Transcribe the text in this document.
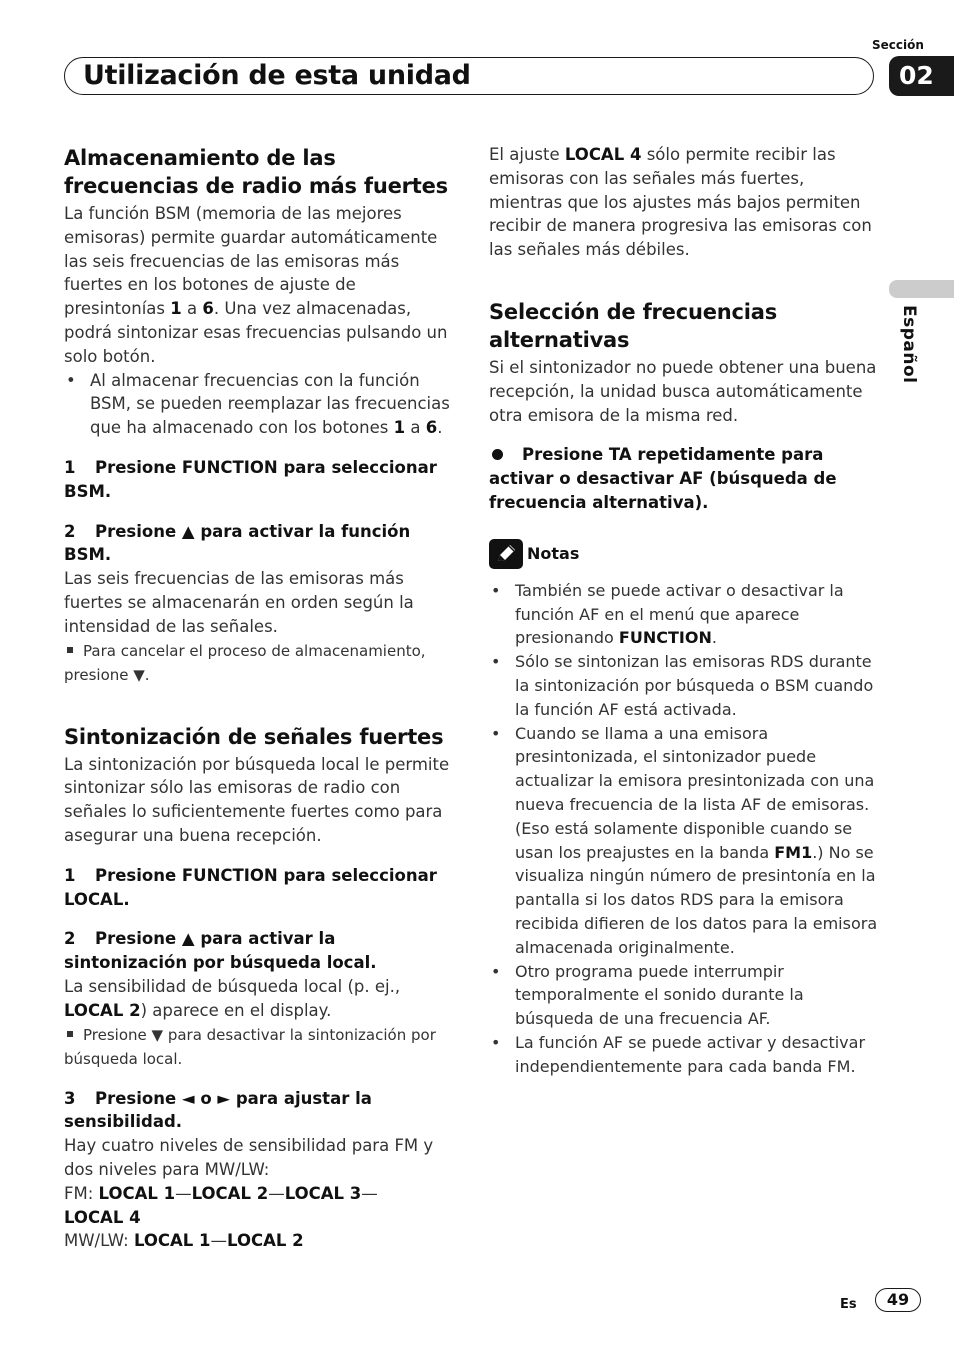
Utilización de esta unidad
Sección
02
Español
Almacenamiento de las frecuencias de radio más fuertes

La función BSM (memoria de las mejores emisoras) permite guardar automáticamente las seis frecuencias de las emisoras más fuertes en los botones de ajuste de presintonías 1 a 6. Una vez almacenadas, podrá sintonizar esas frecuencias pulsando un solo botón.

• Al almacenar frecuencias con la función BSM, se pueden reemplazar las frecuencias que ha almacenado con los botones 1 a 6.

1 Presione FUNCTION para seleccionar BSM.

2 Presione ▲ para activar la función BSM.

Las seis frecuencias de las emisoras más fuertes se almacenarán en orden según la intensidad de las señales.

Para cancelar el proceso de almacenamiento, presione ▼.

Sintonización de señales fuertes

La sintonización por búsqueda local le permite sintonizar sólo las emisoras de radio con señales lo suficientemente fuertes como para asegurar una buena recepción.

1 Presione FUNCTION para seleccionar LOCAL.

2 Presione ▲ para activar la sintonización por búsqueda local.

La sensibilidad de búsqueda local (p. ej., LOCAL 2) aparece en el display.

Presione ▼ para desactivar la sintonización por búsqueda local.

3 Presione ◄ o ► para ajustar la sensibilidad.

Hay cuatro niveles de sensibilidad para FM y dos niveles para MW/LW:

FM: LOCAL 1—LOCAL 2—LOCAL 3—
LOCAL 4

MW/LW: LOCAL 1—LOCAL 2

El ajuste LOCAL 4 sólo permite recibir las emisoras con las señales más fuertes, mientras que los ajustes más bajos permiten recibir de manera progresiva las emisoras con las señales más débiles.

Selección de frecuencias alternativas

Si el sintonizador no puede obtener una buena recepción, la unidad busca automáticamente otra emisora de la misma red.

Presione TA repetidamente para activar o desactivar AF (búsqueda de frecuencia alternativa).

Notas

• También se puede activar o desactivar la función AF en el menú que aparece presionando FUNCTION.

• Sólo se sintonizan las emisoras RDS durante la sintonización por búsqueda o BSM cuando la función AF está activada.

• Cuando se llama a una emisora presintonizada, el sintonizador puede actualizar la emisora presintonizada con una nueva frecuencia de la lista AF de emisoras. (Eso está solamente disponible cuando se usan los preajustes en la banda FM1.) No se visualiza ningún número de presintonía en la pantalla si los datos RDS para la emisora recibida difieren de los datos para la emisora almacenada originalmente.

• Otro programa puede interrumpir temporalmente el sonido durante la búsqueda de una frecuencia AF.

• La función AF se puede activar y desactivar independientemente para cada banda FM.

Es	49
